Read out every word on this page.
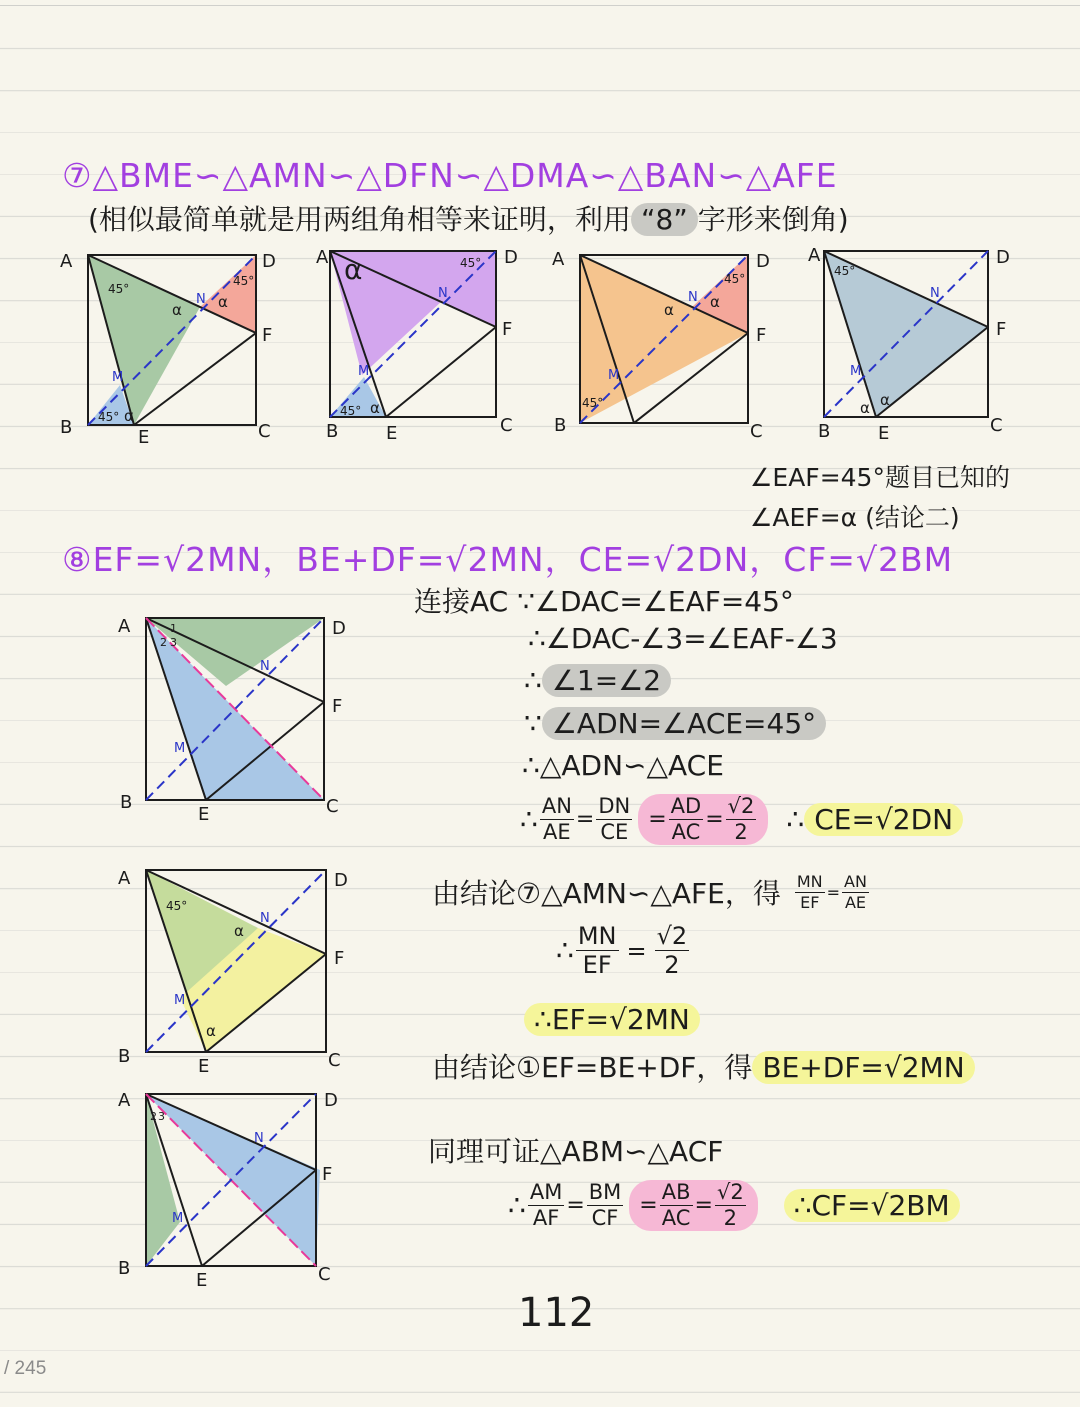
⑦△BME∽△AMN∽△DFN∽△DMA∽△BAN∽△AFE
(相似最简单就是用两组角相等来证明，利用 “8” 字形来倒角)
A	D
B	C
E
F
M
N
45°
45°
45°
α α
α
A	D
B	C
E
F
M
N
45°
45°
α
α
A	D
B	C
F
M
N
45°
45°
α α
A	D
B	C
E
F
M
N
45°
α α
∠EAF=45°题目已知的
∠AEF=α (结论二)
⑧EF=√2MN，BE+DF=√2MN，CE=√2DN，CF=√2BM
A	D
B	C
E
F
M
N
1
2 3
连接AC ∵∠DAC=∠EAF=45°
∴∠DAC-∠3=∠EAF-∠3
∴ ∠1=∠2
∵ ∠ADN=∠ACE=45°
∴△ADN∽△ACE
∴ $\frac{AN}{AE} = \frac{DN}{CE} = \frac{AD}{AC} = \frac{√2}{2}$ ∴ CE=√2DN
A	D
B	C
E
F
M
N
45°
α
α
由结论⑦△AMN∽△AFE，得 $\frac{MN}{EF} = \frac{AN}{AE}$
∴ $\frac{MN}{EF} = \frac{√2}{2}$
∴EF=√2MN
由结论①EF=BE+DF，得 BE+DF=√2MN
A	D
B	C
E
F
M
N
2 3
同理可证△ABM∽△ACF
∴ $\frac{AM}{AF} = \frac{BM}{CF} = \frac{AB}{AC} = \frac{√2}{2}$	∴CF=√2BM
112
/ 245
